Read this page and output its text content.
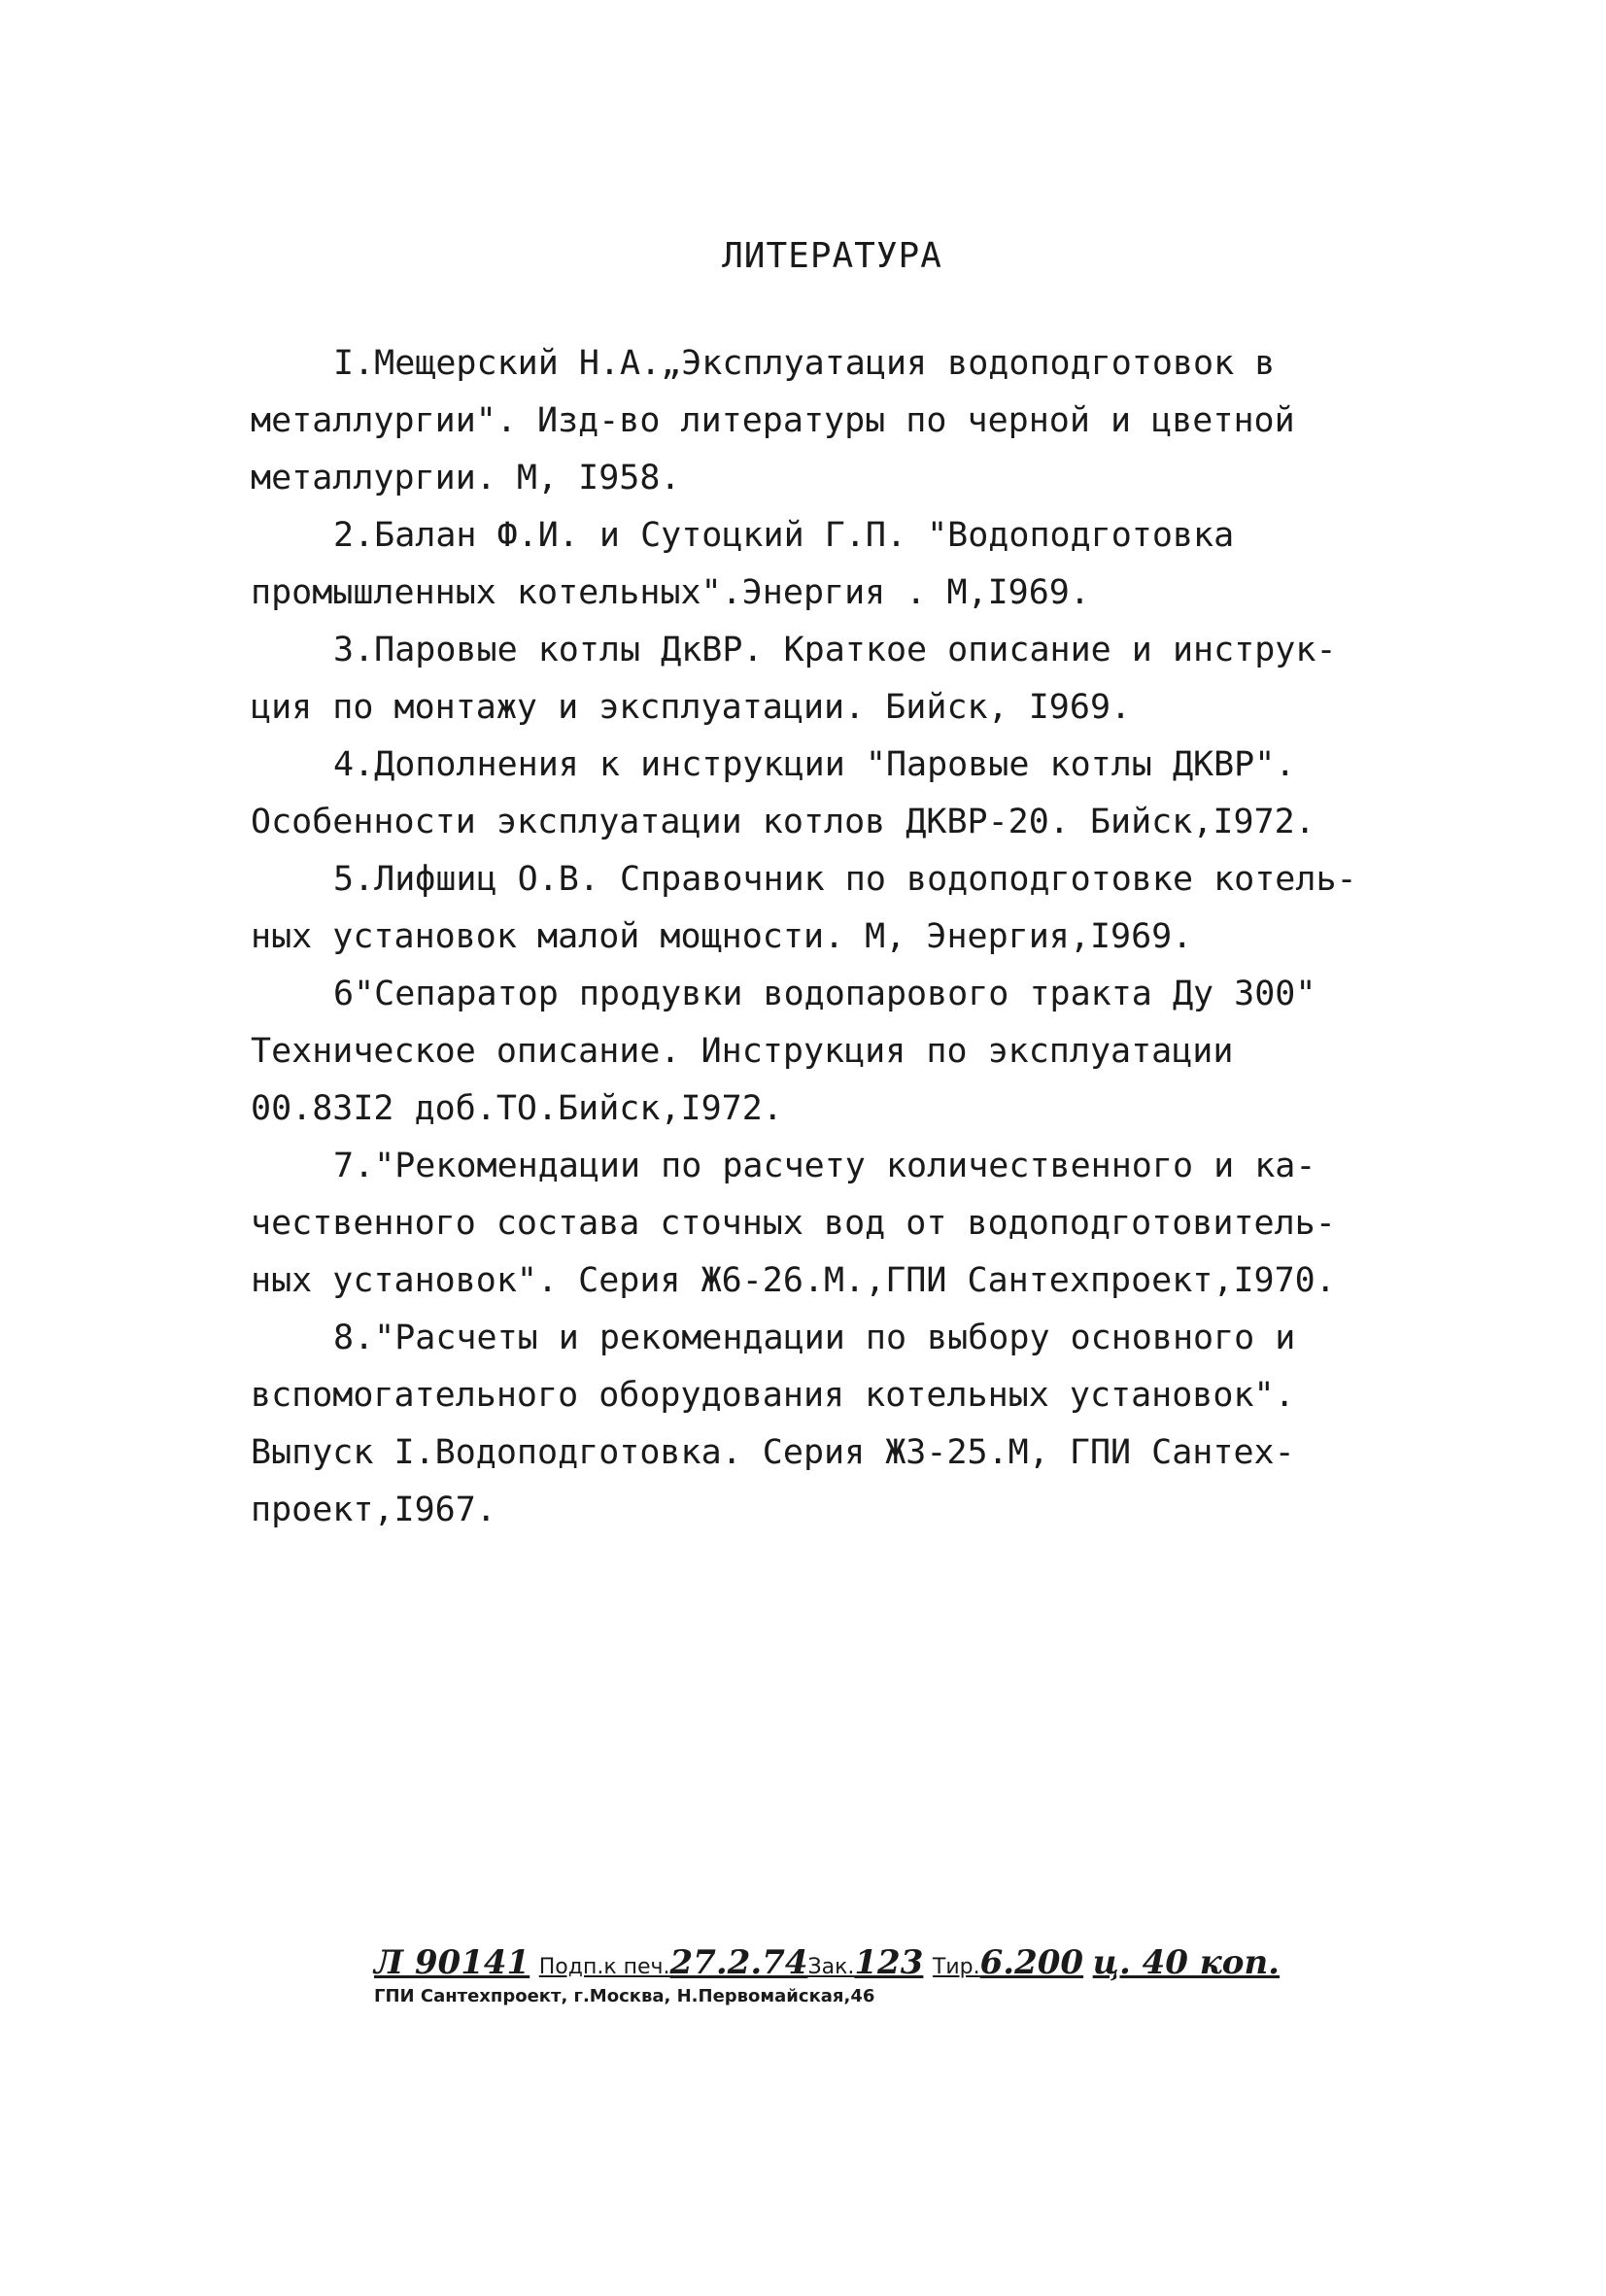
ЛИТЕРАТУРА

I.Мещерский Н.А.„Эксплуатация водоподготовок в
металлургии". Изд-во литературы по черной и цветной
металлургии. М, I958.

2.Балан Ф.И. и Сутоцкий Г.П. "Водоподготовка
промышленных котельных".Энергия . М,I969.

3.Паровые котлы ДкВР. Краткое описание и инструк-
ция по монтажу и эксплуатации. Бийск, I969.

4.Дополнения к инструкции "Паровые котлы ДКВР".
Особенности эксплуатации котлов ДКВР-20. Бийск,I972.

5.Лифшиц О.В. Справочник по водоподготовке котель-
ных установок малой мощности. М, Энергия,I969.

6"Сепаратор продувки водопарового тракта Ду 300"
Техническое описание. Инструкция по эксплуатации
00.83I2 доб.ТО.Бийск,I972.

7."Рекомендации по расчету количественного и ка-
чественного состава сточных вод от водоподготовитель-
ных установок". Серия Ж6-26.М.,ГПИ Сантехпроект,I970.

8."Расчеты и рекомендации по выбору основного и
вспомогательного оборудования котельных установок".
Выпуск I.Водоподготовка. Серия Ж3-25.М, ГПИ Сантех-
проект,I967.

Л 90141 Подп.к печ.27.2.74Зак.123 Тир.6.200 ц. 40 коп.
ГПИ Сантехпроект, г.Москва, Н.Первомайская,46
